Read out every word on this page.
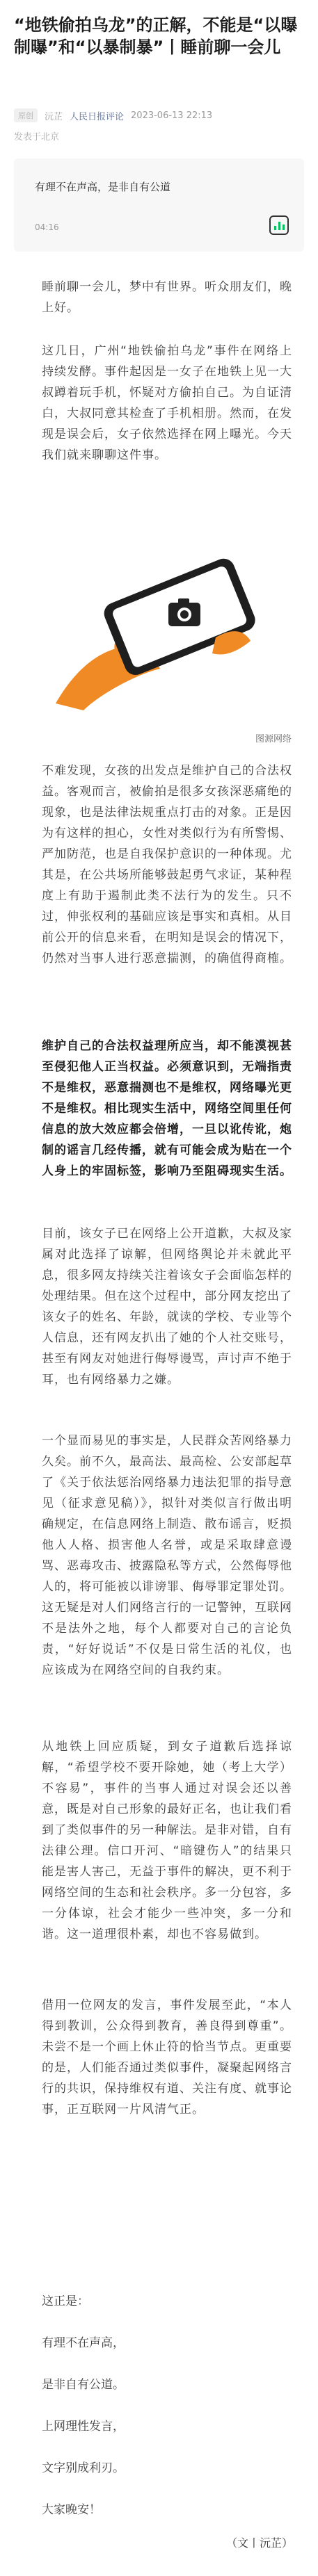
“地铁偷拍乌龙”的正解，不能是“以曝制曝”和“以暴制暴”丨睡前聊一会儿
原创	沅芷 人民日报评论 2023-06-13 22:13
发表于北京
有理不在声高，是非自有公道
04:16

睡前聊一会儿，梦中有世界。听众朋友们，晚上好。

这几日，广州“地铁偷拍乌龙”事件在网络上持续发酵。事件起因是一女子在地铁上见一大叔蹲着玩手机，怀疑对方偷拍自己。为自证清白，大叔同意其检查了手机相册。然而，在发现是误会后，女子依然选择在网上曝光。今天我们就来聊聊这件事。

图源网络

不难发现，女孩的出发点是维护自己的合法权益。客观而言，被偷拍是很多女孩深恶痛绝的现象，也是法律法规重点打击的对象。正是因为有这样的担心，女性对类似行为有所警惕、严加防范，也是自我保护意识的一种体现。尤其是，在公共场所能够鼓起勇气求证，某种程度上有助于遏制此类不法行为的发生。只不过，伸张权利的基础应该是事实和真相。从目前公开的信息来看，在明知是误会的情况下，仍然对当事人进行恶意揣测，的确值得商榷。

维护自己的合法权益理所应当，却不能漠视甚至侵犯他人正当权益。必须意识到，无端指责不是维权，恶意揣测也不是维权，网络曝光更不是维权。相比现实生活中，网络空间里任何信息的放大效应都会倍增，一旦以讹传讹，炮制的谣言几经传播，就有可能会成为贴在一个人身上的牢固标签，影响乃至阻碍现实生活。

目前，该女子已在网络上公开道歉，大叔及家属对此选择了谅解，但网络舆论并未就此平息，很多网友持续关注着该女子会面临怎样的处理结果。但在这个过程中，部分网友挖出了该女子的姓名、年龄，就读的学校、专业等个人信息，还有网友扒出了她的个人社交账号，甚至有网友对她进行侮辱谩骂，声讨声不绝于耳，也有网络暴力之嫌。

一个显而易见的事实是，人民群众苦网络暴力久矣。前不久，最高法、最高检、公安部起草了《关于依法惩治网络暴力违法犯罪的指导意见（征求意见稿）》，拟针对类似言行做出明确规定，在信息网络上制造、散布谣言，贬损他人人格、损害他人名誉，或是采取肆意谩骂、恶毒攻击、披露隐私等方式，公然侮辱他人的，将可能被以诽谤罪、侮辱罪定罪处罚。这无疑是对人们网络言行的一记警钟，互联网不是法外之地，每个人都要对自己的言论负责，“好好说话”不仅是日常生活的礼仪，也应该成为在网络空间的自我约束。

从地铁上回应质疑，到女子道歉后选择谅解，“希望学校不要开除她，她（考上大学）不容易”，事件的当事人通过对误会还以善意，既是对自己形象的最好正名，也让我们看到了类似事件的另一种解法。是非对错，自有法律公理。信口开河、“暗键伤人”的结果只能是害人害己，无益于事件的解决，更不利于网络空间的生态和社会秩序。多一分包容，多一分体谅，社会才能少一些冲突，多一分和谐。这一道理很朴素，却也不容易做到。

借用一位网友的发言，事件发展至此，“本人得到教训，公众得到教育，善良得到尊重”。未尝不是一个画上休止符的恰当节点。更重要的是，人们能否通过类似事件，凝聚起网络言行的共识，保持维权有道、关注有度、就事论事，正互联网一片风清气正。

这正是：
有理不在声高，
是非自有公道。
上网理性发言，
文字别成利刃。
大家晚安！
（文丨沅芷）
